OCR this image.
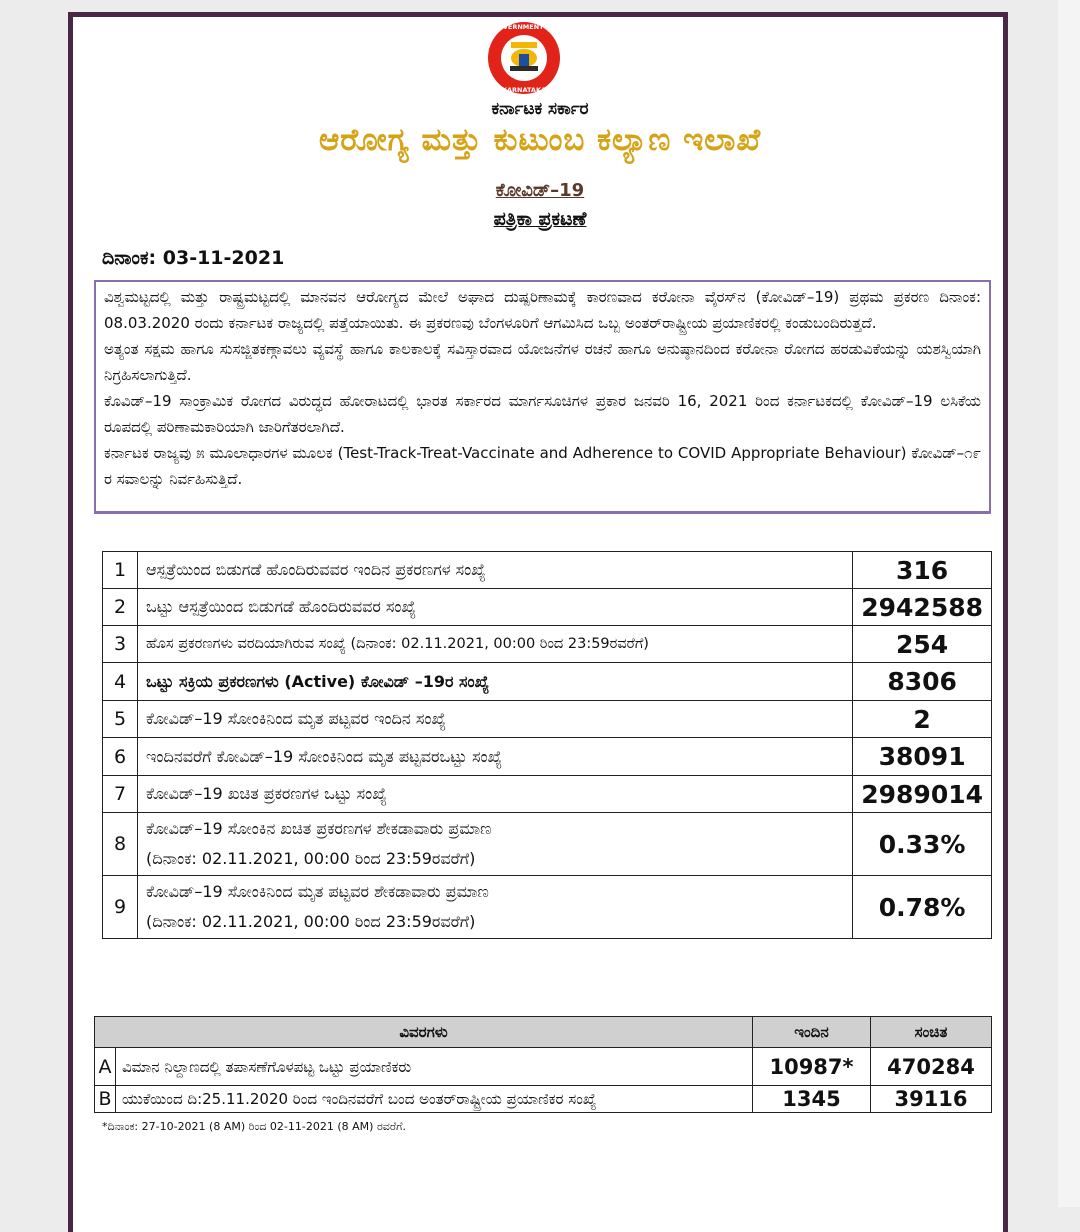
GOVERNMENT OF
KARNATAKA
ಕರ್ನಾಟಕ ಸರ್ಕಾರ
ಆರೋಗ್ಯ ಮತ್ತು ಕುಟುಂಬ ಕಲ್ಯಾಣ ಇಲಾಖೆ
ಕೋವಿಡ್–19
ಪತ್ರಿಕಾ ಪ್ರಕಟಣೆ
ದಿನಾಂಕ: 03-11-2021

ವಿಶ್ವಮಟ್ಟದಲ್ಲಿ ಮತ್ತು ರಾಷ್ಟ್ರಮಟ್ಟದಲ್ಲಿ ಮಾನವನ ಆರೋಗ್ಯದ ಮೇಲೆ ಅಘಾದ ದುಷ್ಪರಿಣಾಮಕ್ಕೆ ಕಾರಣವಾದ ಕರೋನಾ ವೈರಸ್‌ನ (ಕೋವಿಡ್–19) ಪ್ರಥಮ ಪ್ರಕರಣ ದಿನಾಂಕ: 08.03.2020 ರಂದು ಕರ್ನಾಟಕ ರಾಜ್ಯದಲ್ಲಿ ಪತ್ತೆಯಾಯಿತು. ಈ ಪ್ರಕರಣವು ಬೆಂಗಳೂರಿಗೆ ಆಗಮಿಸಿದ ಒಬ್ಬ ಅಂತರ್‌ರಾಷ್ಟ್ರೀಯ ಪ್ರಯಾಣಿಕರಲ್ಲಿ ಕಂಡುಬಂದಿರುತ್ತದೆ.

ಅತ್ಯಂತ ಸಕ್ಷಮ ಹಾಗೂ ಸುಸಜ್ಜಿತಕಣ್ಗಾವಲು ವ್ಯವಸ್ಥೆ ಹಾಗೂ ಕಾಲಕಾಲಕ್ಕೆ ಸವಿಸ್ತಾರವಾದ ಯೋಜನೆಗಳ ರಚನೆ ಹಾಗೂ ಅನುಷ್ಠಾನದಿಂದ ಕರೋನಾ ರೋಗದ ಹರಡುವಿಕೆಯನ್ನು ಯಶಸ್ವಿಯಾಗಿ ನಿಗ್ರಹಿಸಲಾಗುತ್ತಿದೆ.

ಕೊವಿಡ್–19 ಸಾಂಕ್ರಾಮಿಕ ರೋಗದ ವಿರುದ್ಧದ ಹೋರಾಟದಲ್ಲಿ ಭಾರತ ಸರ್ಕಾರದ ಮಾರ್ಗಸೂಚಿಗಳ ಪ್ರಕಾರ ಜನವರಿ 16, 2021 ರಿಂದ ಕರ್ನಾಟಕದಲ್ಲಿ ಕೋವಿಡ್–19 ಲಸಿಕೆಯ ರೂಪದಲ್ಲಿ ಪರಿಣಾಮಕಾರಿಯಾಗಿ ಜಾರಿಗೆತರಲಾಗಿದೆ.

ಕರ್ನಾಟಕ ರಾಜ್ಯವು ೫ ಮೂಲಾಧಾರಗಳ ಮೂಲಕ (Test-Track-Treat-Vaccinate and Adherence to COVID Appropriate Behaviour) ಕೋವಿಡ್–೧೯ ರ ಸವಾಲನ್ನು ನಿರ್ವಹಿಸುತ್ತಿದೆ.

1	ಆಸ್ಪತ್ರೆಯಿಂದ ಬಿಡುಗಡೆ ಹೊಂದಿರುವವರ ಇಂದಿನ ಪ್ರಕರಣಗಳ ಸಂಖ್ಯೆ	316
2	ಒಟ್ಟು ಆಸ್ಪತ್ರೆಯಿಂದ ಬಿಡುಗಡೆ ಹೊಂದಿರುವವರ ಸಂಖ್ಯೆ	2942588
3	ಹೊಸ ಪ್ರಕರಣಗಳು ವರದಿಯಾಗಿರುವ ಸಂಖ್ಯೆ (ದಿನಾಂಕ: 02.11.2021, 00:00 ರಿಂದ 23:59ರವರೆಗೆ)	254
4	ಒಟ್ಟು ಸಕ್ರಿಯ ಪ್ರಕರಣಗಳು (Active) ಕೋವಿಡ್ –19ರ ಸಂಖ್ಯೆ	8306
5	ಕೋವಿಡ್–19 ಸೋಂಕಿನಿಂದ ಮೃತ ಪಟ್ಟವರ ಇಂದಿನ ಸಂಖ್ಯೆ	2
6	ಇಂದಿನವರೆಗೆ ಕೋವಿಡ್–19 ಸೋಂಕಿನಿಂದ ಮೃತ ಪಟ್ಟವರಒಟ್ಟು ಸಂಖ್ಯೆ	38091
7	ಕೋವಿಡ್–19 ಖಚಿತ ಪ್ರಕರಣಗಳ ಒಟ್ಟು ಸಂಖ್ಯೆ	2989014
8	ಕೋವಿಡ್–19 ಸೋಂಕಿನ ಖಚಿತ ಪ್ರಕರಣಗಳ ಶೇಕಡಾವಾರು ಪ್ರಮಾಣ
(ದಿನಾಂಕ: 02.11.2021, 00:00 ರಿಂದ 23:59ರವರೆಗೆ)	0.33%
9	ಕೋವಿಡ್–19 ಸೋಂಕಿನಿಂದ ಮೃತ ಪಟ್ಟವರ ಶೇಕಡಾವಾರು ಪ್ರಮಾಣ
(ದಿನಾಂಕ: 02.11.2021, 00:00 ರಿಂದ 23:59ರವರೆಗೆ)	0.78%
ವಿವರಗಳು		ಇಂದಿನ	ಸಂಚಿತ
A	ವಿಮಾನ ನಿಲ್ದಾಣದಲ್ಲಿ ತಪಾಸಣೆಗೊಳಪಟ್ಟ ಒಟ್ಟು ಪ್ರಯಾಣಿಕರು	10987*	470284
B	ಯುಕೆಯಿಂದ ದಿ:25.11.2020 ರಿಂದ ಇಂದಿನವರೆಗೆ ಬಂದ ಅಂತರ್‌ರಾಷ್ಟ್ರೀಯ ಪ್ರಯಾಣಿಕರ ಸಂಖ್ಯೆ	1345	39116
*ದಿನಾಂಕ: 27-10-2021 (8 AM) ರಿಂದ 02-11-2021 (8 AM) ರವರೆಗೆ.
